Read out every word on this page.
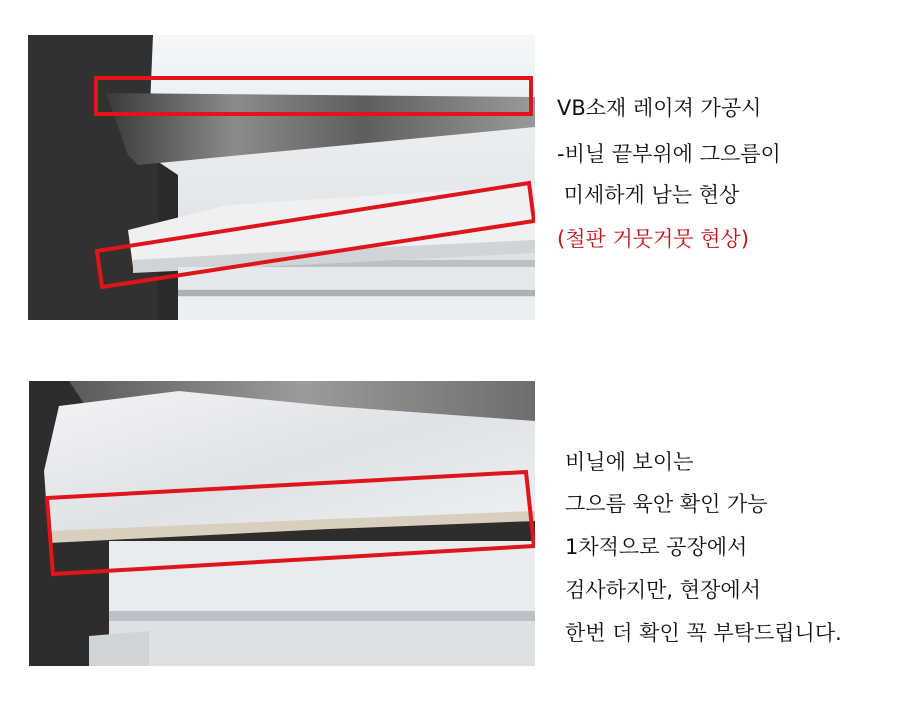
VB소재 레이져 가공시
-비닐 끝부위에 그으름이
미세하게 남는 현상
(철판 거뭇거뭇 현상)
비닐에 보이는
그으름 육안 확인 가능
1차적으로 공장에서
검사하지만, 현장에서
한번 더 확인 꼭 부탁드립니다.
